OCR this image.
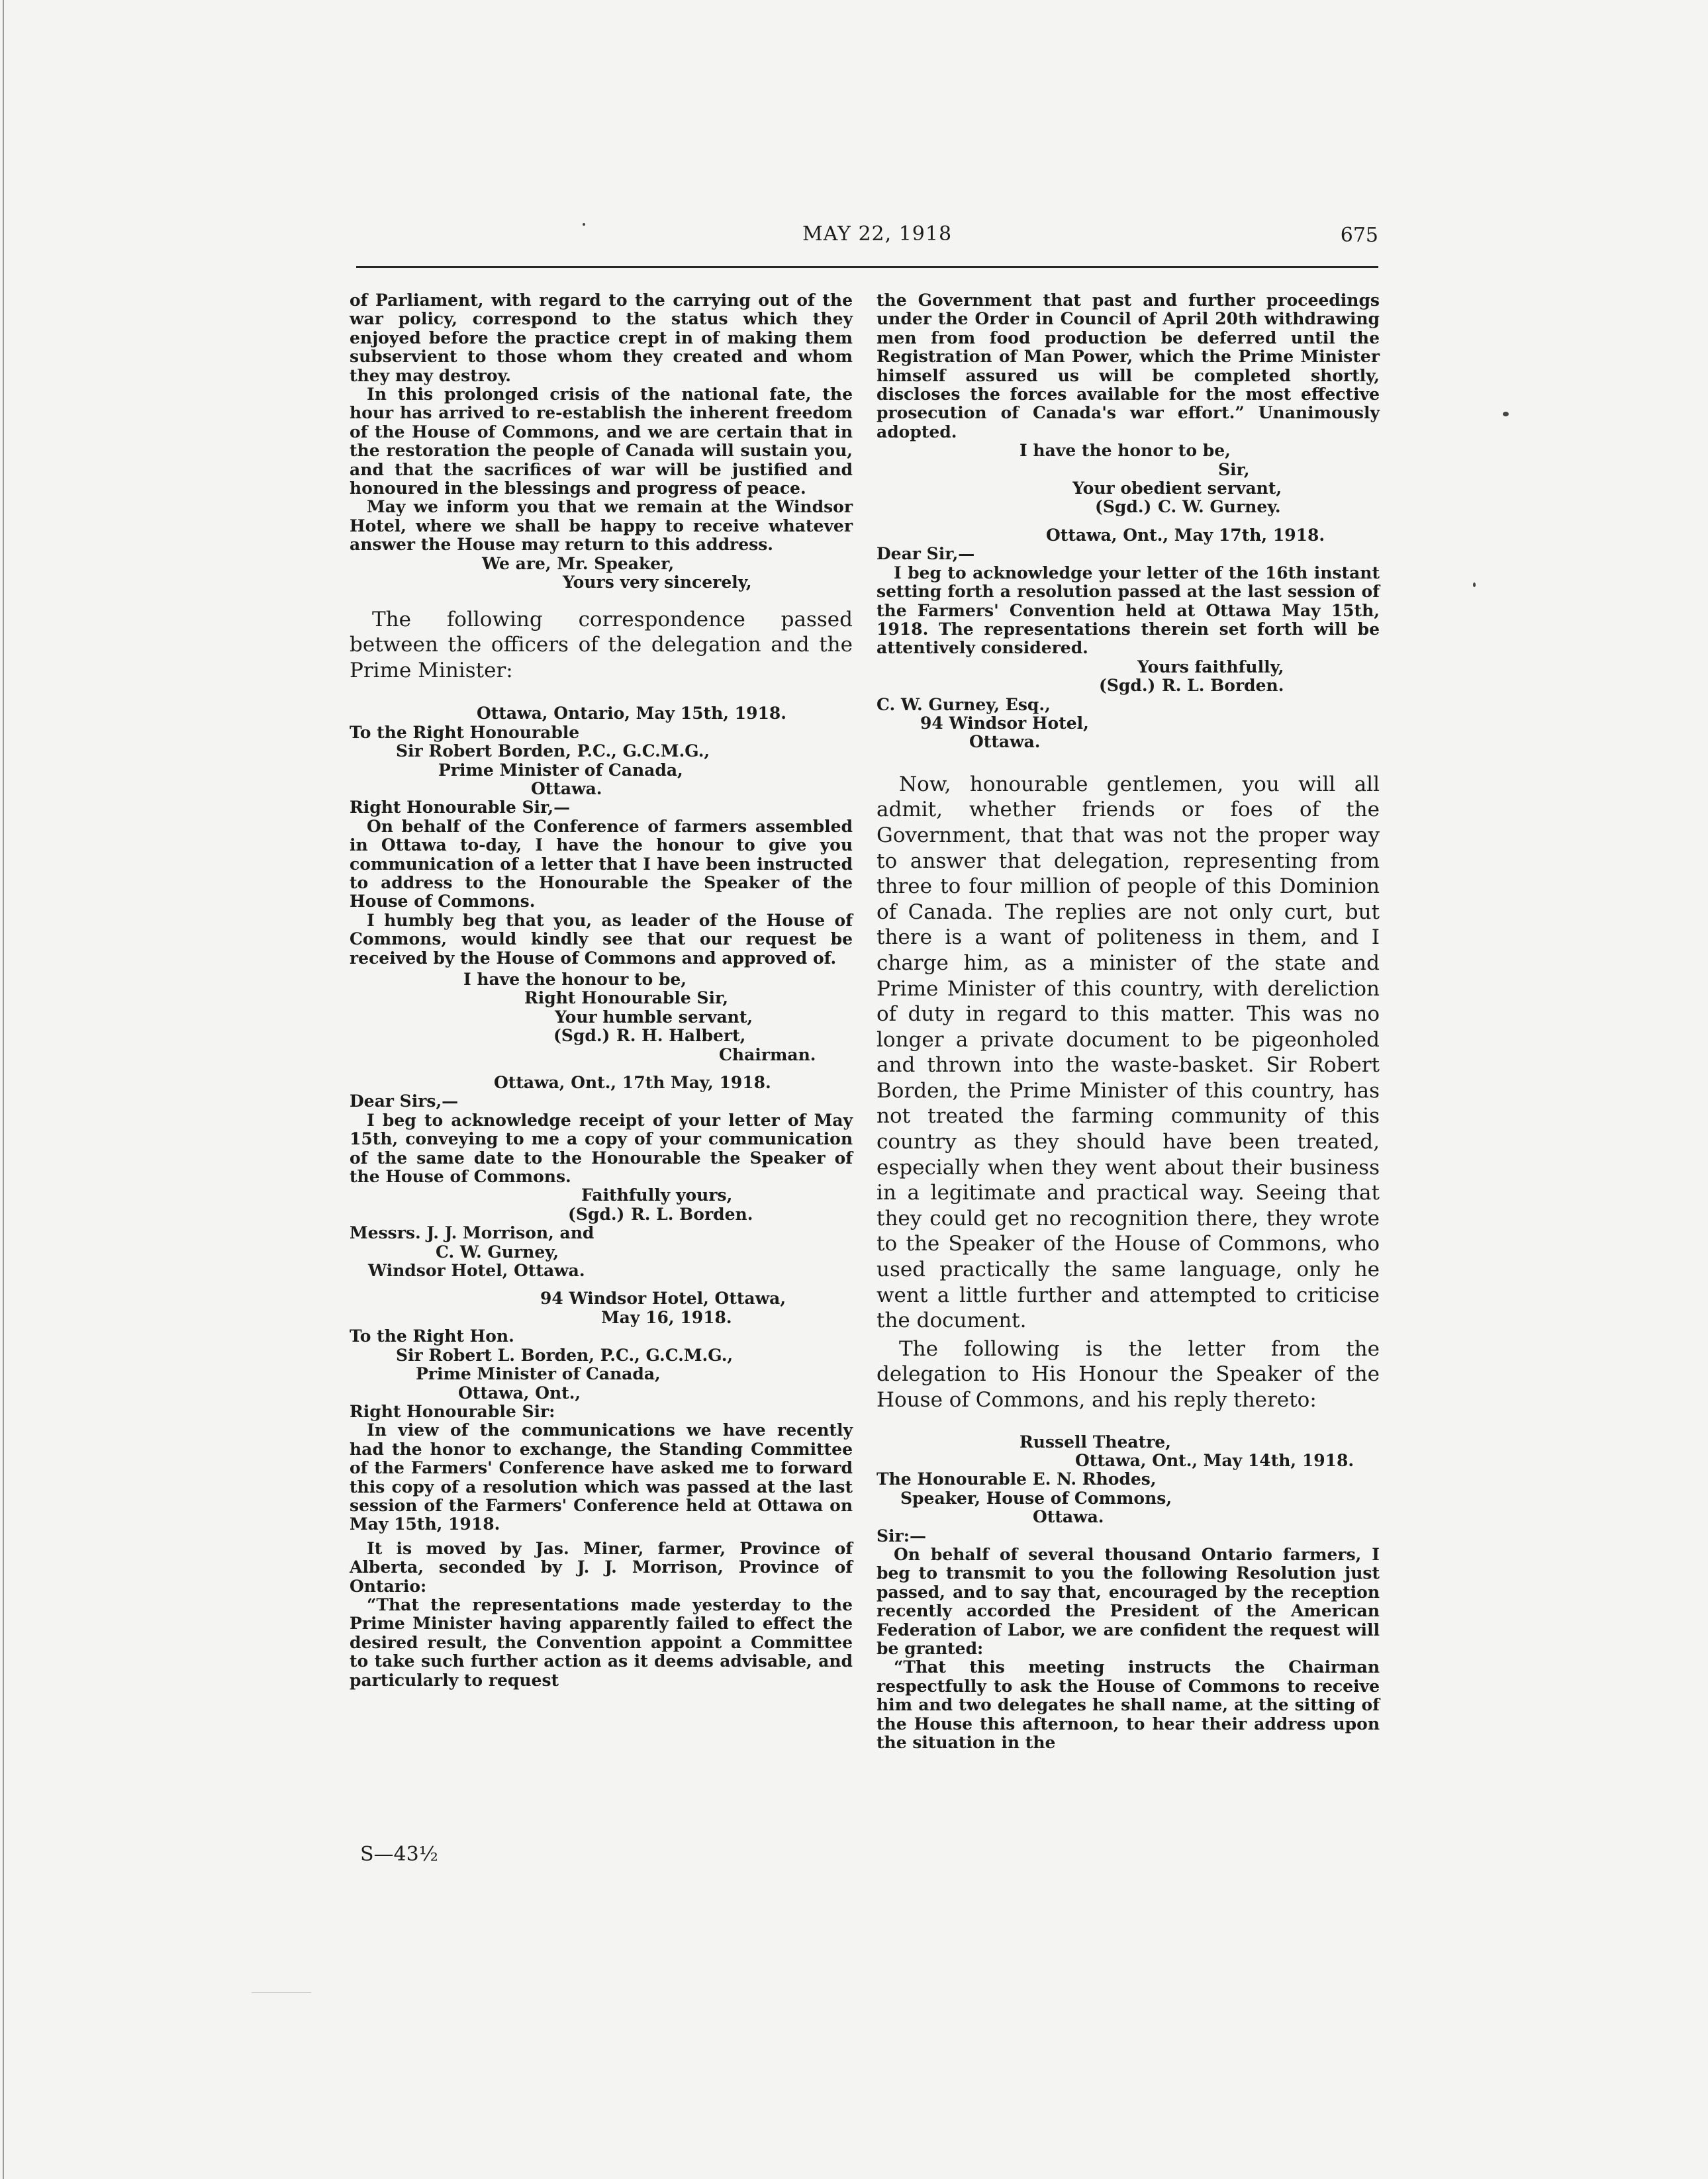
MAY 22, 1918	675

of Parliament, with regard to the carrying out of the war policy, correspond to the status which they enjoyed before the practice crept in of making them subservient to those whom they created and whom they may destroy.

In this prolonged crisis of the national fate, the hour has arrived to re-establish the inherent freedom of the House of Commons, and we are certain that in the restoration the people of Canada will sustain you, and that the sacrifices of war will be justified and honoured in the blessings and progress of peace.

May we inform you that we remain at the Windsor Hotel, where we shall be happy to receive whatever answer the House may return to this address.

We are, Mr. Speaker,

Yours very sincerely,

The following correspondence passed between the officers of the delegation and the Prime Minister:

Ottawa, Ontario, May 15th, 1918.

To the Right Honourable

Sir Robert Borden, P.C., G.C.M.G.,

Prime Minister of Canada,

Ottawa.

Right Honourable Sir,—

On behalf of the Conference of farmers assembled in Ottawa to-day, I have the honour to give you communication of a letter that I have been instructed to address to the Honourable the Speaker of the House of Commons.

I humbly beg that you, as leader of the House of Commons, would kindly see that our request be received by the House of Commons and approved of.

I have the honour to be,

Right Honourable Sir,

Your humble servant,

(Sgd.) R. H. Halbert,

Chairman.

Ottawa, Ont., 17th May, 1918.

Dear Sirs,—

I beg to acknowledge receipt of your letter of May 15th, conveying to me a copy of your communication of the same date to the Honourable the Speaker of the House of Commons.

Faithfully yours,

(Sgd.) R. L. Borden.

Messrs. J. J. Morrison, and

C. W. Gurney,

Windsor Hotel, Ottawa.

94 Windsor Hotel, Ottawa,

May 16, 1918.

To the Right Hon.

Sir Robert L. Borden, P.C., G.C.M.G.,

Prime Minister of Canada,

Ottawa, Ont.,

Right Honourable Sir:

In view of the communications we have recently had the honor to exchange, the Standing Committee of the Farmers' Conference have asked me to forward this copy of a resolution which was passed at the last session of the Farmers' Conference held at Ottawa on May 15th, 1918.

It is moved by Jas. Miner, farmer, Province of Alberta, seconded by J. J. Morrison, Province of Ontario:

“That the representations made yesterday to the Prime Minister having apparently failed to effect the desired result, the Convention appoint a Committee to take such further action as it deems advisable, and particularly to request

the Government that past and further proceedings under the Order in Council of April 20th withdrawing men from food production be deferred until the Registration of Man Power, which the Prime Minister himself assured us will be completed shortly, discloses the forces available for the most effective prosecution of Canada's war effort.” Unanimously adopted.

I have the honor to be,

Sir,

Your obedient servant,

(Sgd.) C. W. Gurney.

Ottawa, Ont., May 17th, 1918.

Dear Sir,—

I beg to acknowledge your letter of the 16th instant setting forth a resolution passed at the last session of the Farmers' Convention held at Ottawa May 15th, 1918. The representations therein set forth will be attentively considered.

Yours faithfully,

(Sgd.) R. L. Borden.

C. W. Gurney, Esq.,

94 Windsor Hotel,

Ottawa.

Now, honourable gentlemen, you will all admit, whether friends or foes of the Government, that that was not the proper way to answer that delegation, representing from three to four million of people of this Dominion of Canada. The replies are not only curt, but there is a want of politeness in them, and I charge him, as a minister of the state and Prime Minister of this country, with dereliction of duty in regard to this matter. This was no longer a private document to be pigeonholed and thrown into the waste-basket. Sir Robert Borden, the Prime Minister of this country, has not treated the farming community of this country as they should have been treated, especially when they went about their business in a legitimate and practical way. Seeing that they could get no recognition there, they wrote to the Speaker of the House of Commons, who used practically the same language, only he went a little further and attempted to criticise the document.

The following is the letter from the delegation to His Honour the Speaker of the House of Commons, and his reply thereto:

Russell Theatre,

Ottawa, Ont., May 14th, 1918.

The Honourable E. N. Rhodes,

Speaker, House of Commons,

Ottawa.

Sir:—

On behalf of several thousand Ontario farmers, I beg to transmit to you the following Resolution just passed, and to say that, encouraged by the reception recently accorded the President of the American Federation of Labor, we are confident the request will be granted:

“That this meeting instructs the Chairman respectfully to ask the House of Commons to receive him and two delegates he shall name, at the sitting of the House this afternoon, to hear their address upon the situation in the

S—43½
